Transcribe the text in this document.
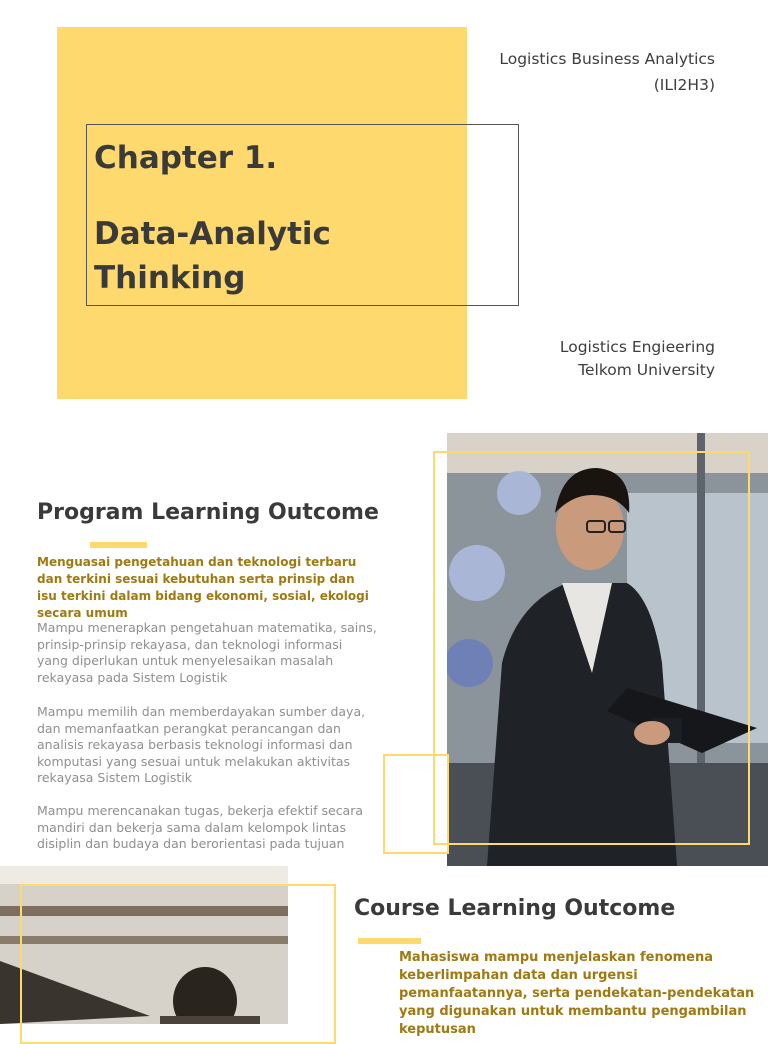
Chapter 1.
Data-Analytic Thinking
Logistics Business Analytics
(ILI2H3)
Logistics Engieering
Telkom University
Program Learning Outcome
Menguasai pengetahuan dan teknologi terbaru dan terkini sesuai kebutuhan serta prinsip dan isu terkini dalam bidang ekonomi, sosial, ekologi secara umum
Mampu menerapkan pengetahuan matematika, sains, prinsip-prinsip rekayasa, dan teknologi informasi yang diperlukan untuk menyelesaikan masalah rekayasa pada Sistem Logistik
Mampu memilih dan memberdayakan sumber daya, dan memanfaatkan perangkat perancangan dan analisis rekayasa berbasis teknologi informasi dan komputasi yang sesuai untuk melakukan aktivitas rekayasa Sistem Logistik
Mampu merencanakan tugas, bekerja efektif secara mandiri dan bekerja sama dalam kelompok lintas disiplin dan budaya dan berorientasi pada tujuan
Course Learning Outcome
Mahasiswa mampu menjelaskan fenomena keberlimpahan data dan urgensi pemanfaatannya, serta pendekatan-pendekatan yang digunakan untuk membantu pengambilan keputusan
